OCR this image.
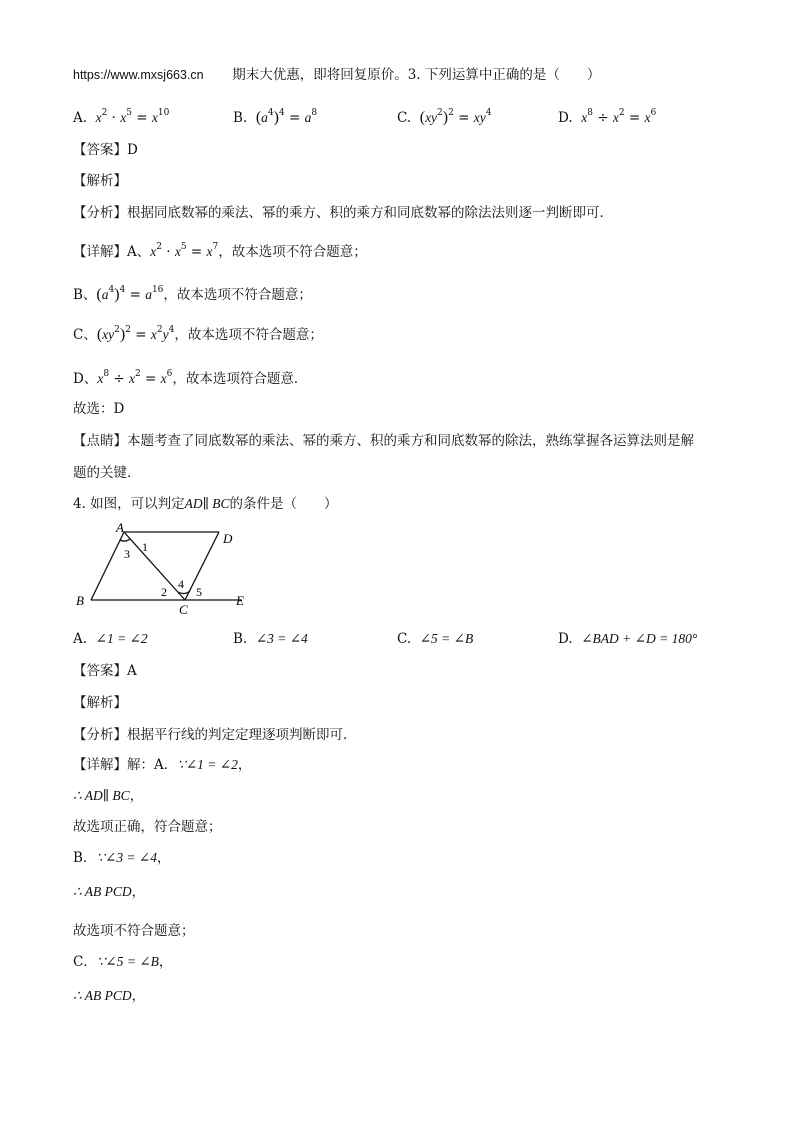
https://www.mxsj663.cn 期末大优惠，即将回复原价。3. 下列运算中正确的是（　　）
A. $x^2 \cdot x^5 = x^{10}$	B. $(a^4)^4 = a^8$	C. $(xy^2)^2 = xy^4$	D. $x^8 \div x^2 = x^6$
【答案】D
【解析】
【分析】根据同底数幂的乘法、幂的乘方、积的乘方和同底数幂的除法法则逐一判断即可．
【详解】A、$x^2 \cdot x^5 = x^7$，故本选项不符合题意；
B、$(a^4)^4 = a^{16}$，故本选项不符合题意；
C、$(xy^2)^2 = x^2y^4$，故本选项不符合题意；
D、$x^8 \div x^2 = x^6$，故本选项符合题意．
故选：D
【点睛】本题考查了同底数幂的乘法、幂的乘方、积的乘方和同底数幂的除法，熟练掌握各运算法则是解
题的关键．
4. 如图，可以判定AD∥ BC的条件是（　　）
A
D
B
C
E
1
3
2
4
5
A. ∠1 = ∠2	B. ∠3 = ∠4	C. ∠5 = ∠B	D. ∠BAD + ∠D = 180°
【答案】A
【解析】
【分析】根据平行线的判定定理逐项判断即可．
【详解】解：A．∵∠1 = ∠2，
∴ AD∥ BC，
故选项正确，符合题意；
B．∵∠3 = ∠4，
∴ AB PCD，
故选项不符合题意；
C．∵∠5 = ∠B，
∴ AB PCD，
